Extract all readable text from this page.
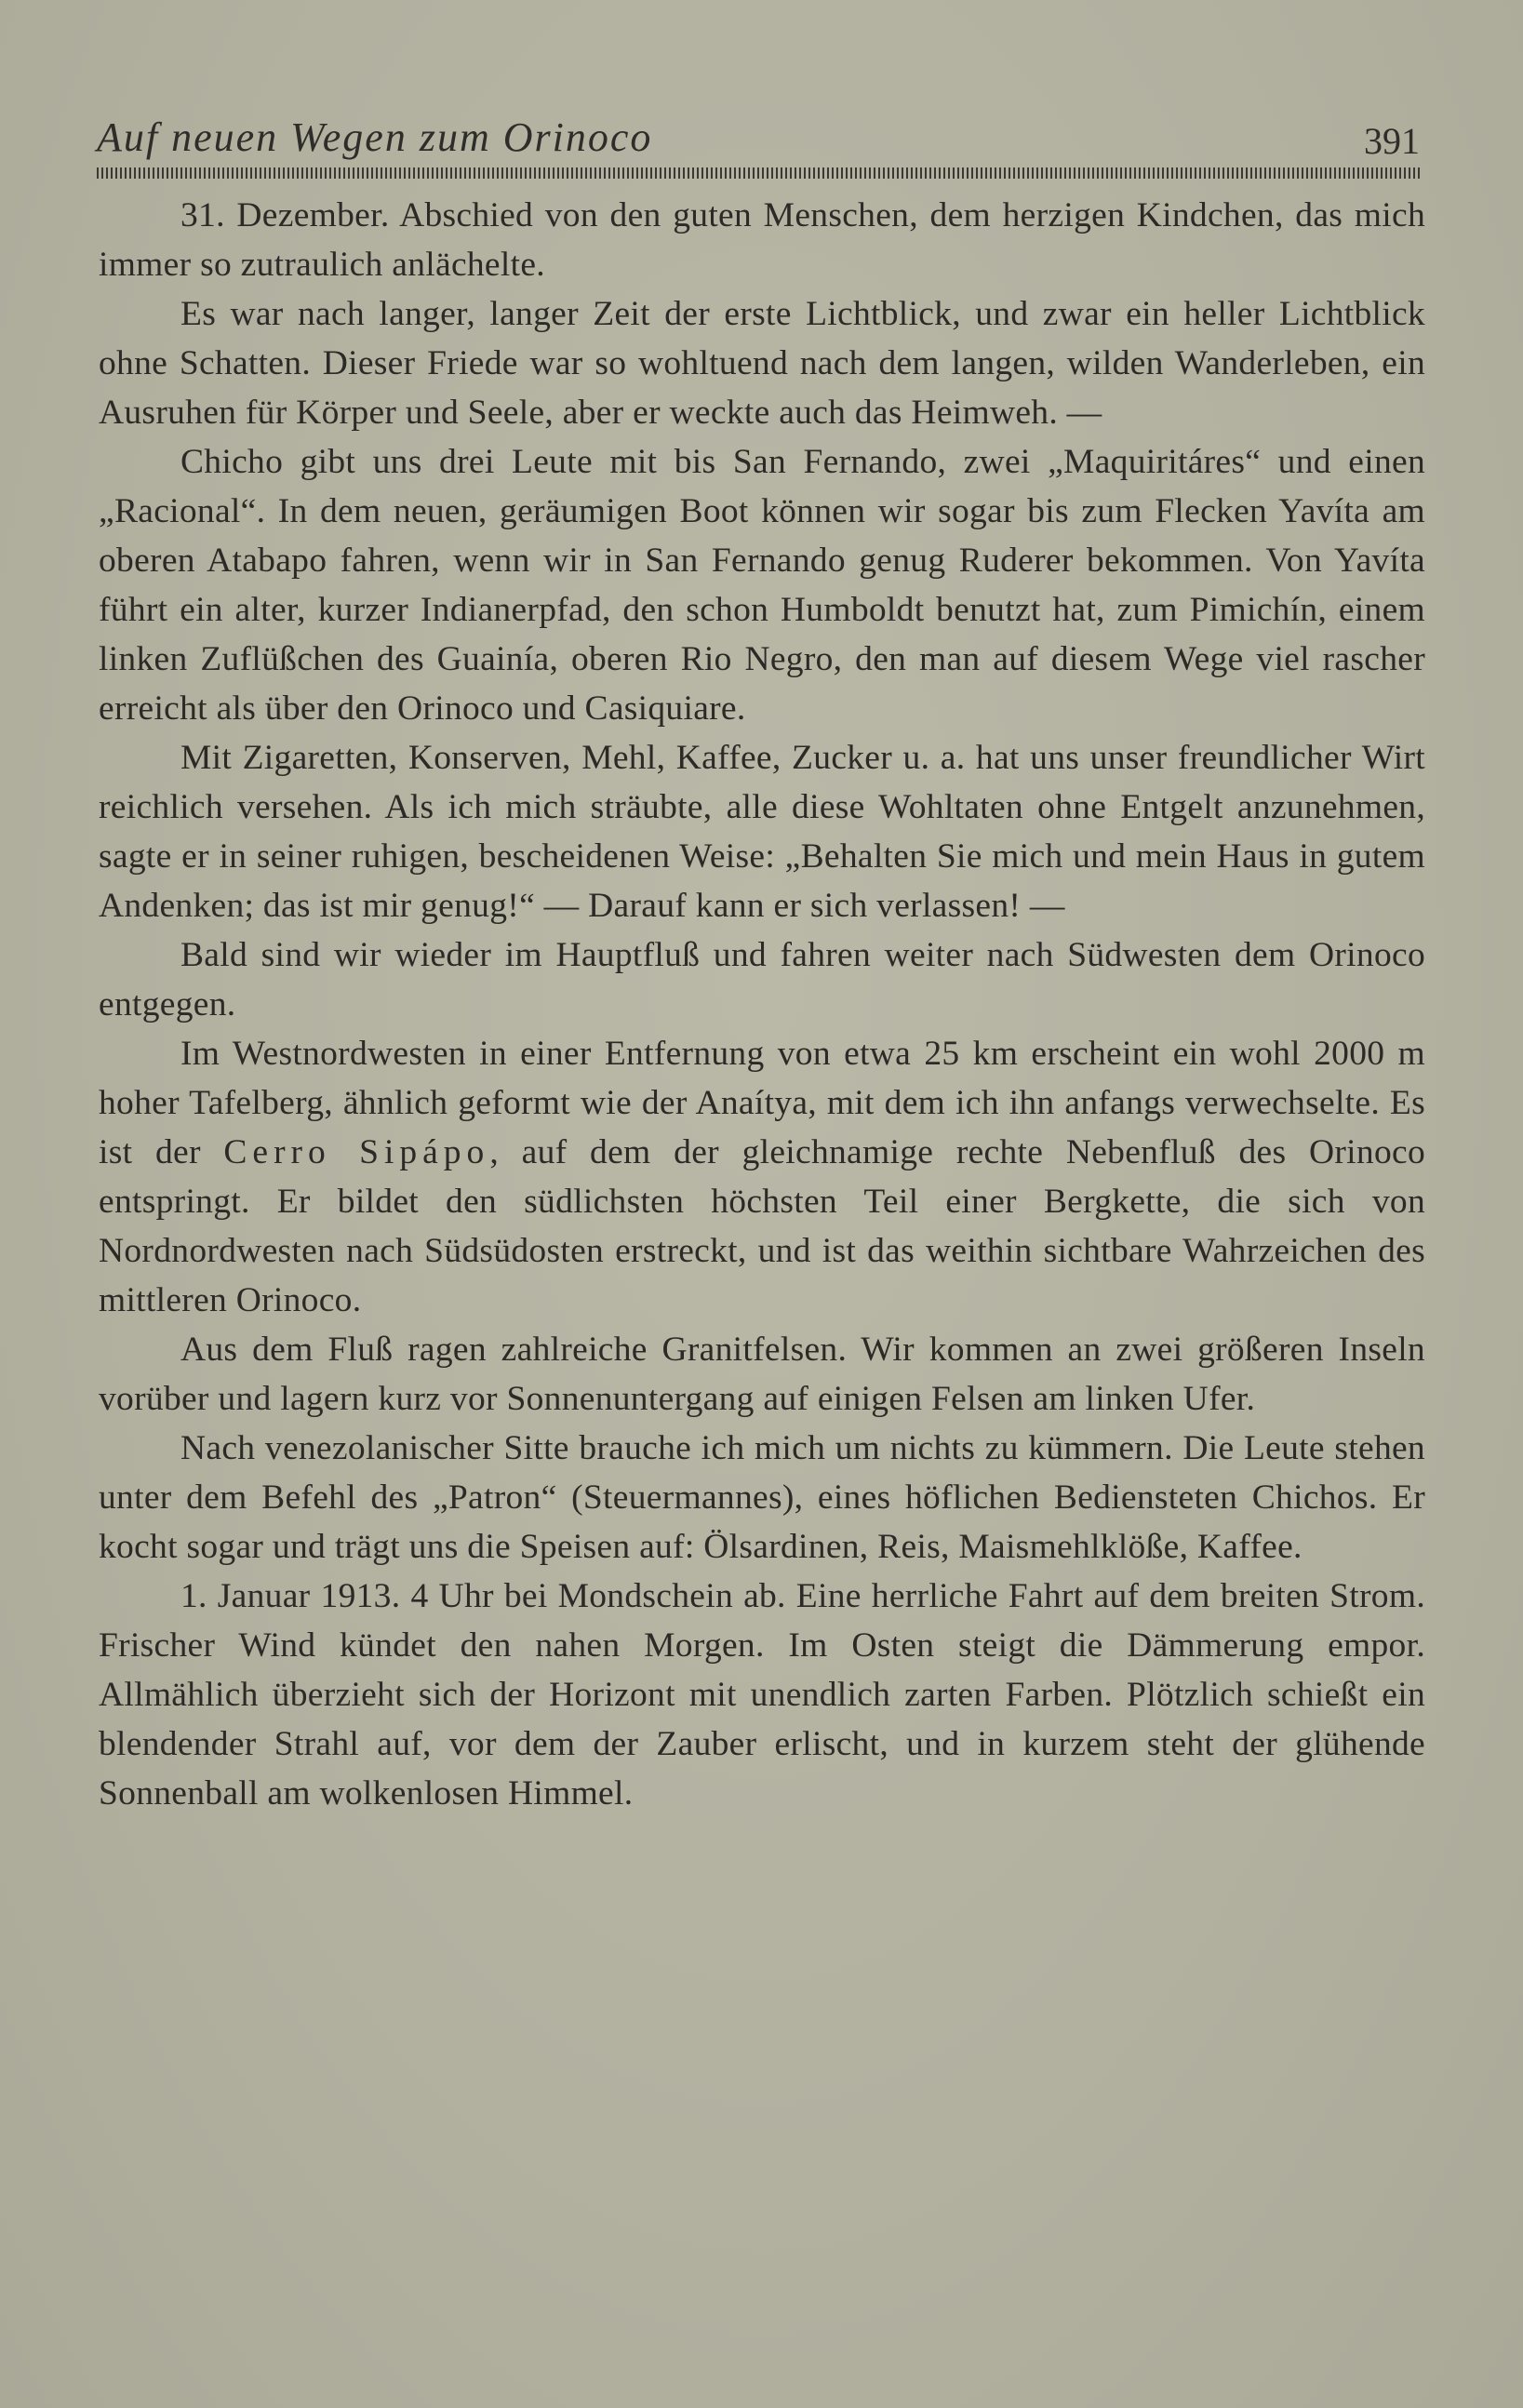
Auf neuen Wegen zum Orinoco	391

31. Dezember. Abschied von den guten Menschen, dem herzigen Kindchen, das mich immer so zutraulich anlächelte.

Es war nach langer, langer Zeit der erste Lichtblick, und zwar ein heller Lichtblick ohne Schatten. Dieser Friede war so wohltuend nach dem langen, wilden Wanderleben, ein Ausruhen für Körper und Seele, aber er weckte auch das Heimweh. —

Chicho gibt uns drei Leute mit bis San Fernando, zwei „Maquiritáres“ und einen „Racional“. In dem neuen, geräumigen Boot können wir sogar bis zum Flecken Yavíta am oberen Atabapo fahren, wenn wir in San Fernando genug Ruderer bekommen. Von Yavíta führt ein alter, kurzer Indianerpfad, den schon Humboldt benutzt hat, zum Pimichín, einem linken Zuflüßchen des Guainía, oberen Rio Negro, den man auf diesem Wege viel rascher erreicht als über den Orinoco und Casiquiare.

Mit Zigaretten, Konserven, Mehl, Kaffee, Zucker u. a. hat uns unser freundlicher Wirt reichlich versehen. Als ich mich sträubte, alle diese Wohltaten ohne Entgelt anzunehmen, sagte er in seiner ruhigen, bescheidenen Weise: „Behalten Sie mich und mein Haus in gutem Andenken; das ist mir genug!“ — Darauf kann er sich verlassen! —

Bald sind wir wieder im Hauptfluß und fahren weiter nach Südwesten dem Orinoco entgegen.

Im Westnordwesten in einer Entfernung von etwa 25 km erscheint ein wohl 2000 m hoher Tafelberg, ähnlich geformt wie der Anaítya, mit dem ich ihn anfangs verwechselte. Es ist der Cerro Sipápo, auf dem der gleichnamige rechte Nebenfluß des Orinoco entspringt. Er bildet den südlichsten höchsten Teil einer Bergkette, die sich von Nordnordwesten nach Südsüdosten erstreckt, und ist das weithin sichtbare Wahrzeichen des mittleren Orinoco.

Aus dem Fluß ragen zahlreiche Granitfelsen. Wir kommen an zwei größeren Inseln vorüber und lagern kurz vor Sonnenuntergang auf einigen Felsen am linken Ufer.

Nach venezolanischer Sitte brauche ich mich um nichts zu kümmern. Die Leute stehen unter dem Befehl des „Patron“ (Steuermannes), eines höflichen Bediensteten Chichos. Er kocht sogar und trägt uns die Speisen auf: Ölsardinen, Reis, Maismehlklöße, Kaffee.

1. Januar 1913. 4 Uhr bei Mondschein ab. Eine herrliche Fahrt auf dem breiten Strom. Frischer Wind kündet den nahen Morgen. Im Osten steigt die Dämmerung empor. Allmählich überzieht sich der Horizont mit unendlich zarten Farben. Plötzlich schießt ein blendender Strahl auf, vor dem der Zauber erlischt, und in kurzem steht der glühende Sonnenball am wolkenlosen Himmel.
